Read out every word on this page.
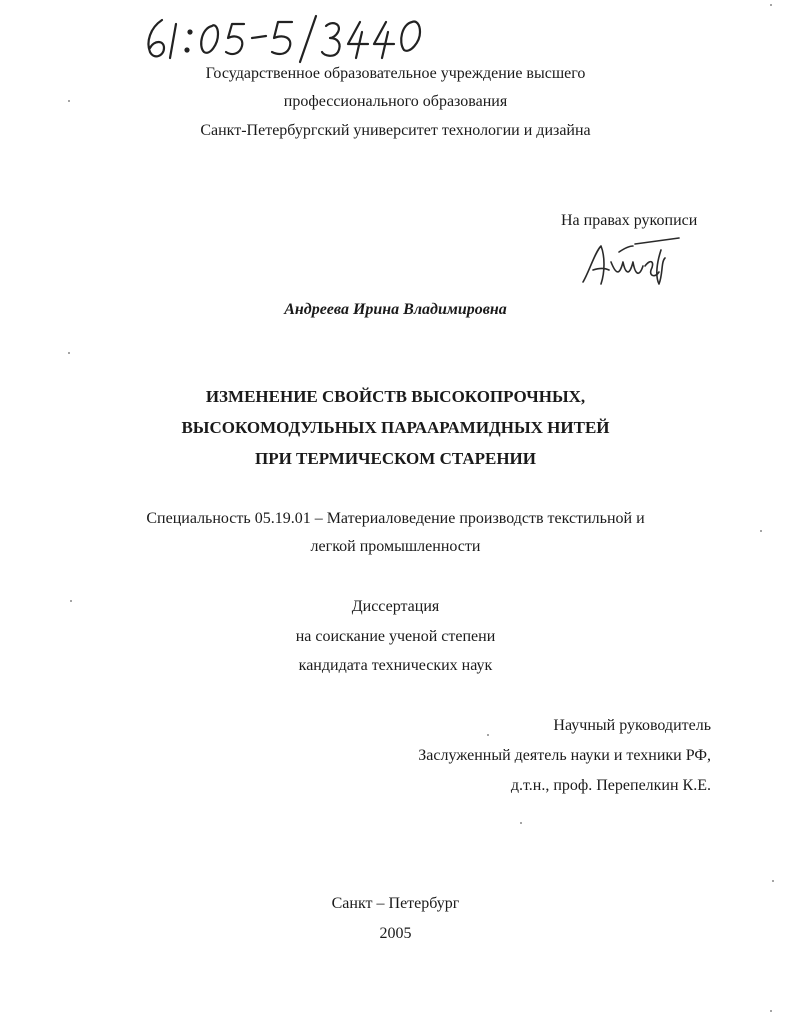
Государственное образовательное учреждение высшего
профессионального образования
Санкт-Петербургский университет технологии и дизайна
На правах рукописи
Андреева Ирина Владимировна
ИЗМЕНЕНИЕ СВОЙСТВ ВЫСОКОПРОЧНЫХ,
ВЫСОКОМОДУЛЬНЫХ ПАРААРАМИДНЫХ НИТЕЙ
ПРИ ТЕРМИЧЕСКОМ СТАРЕНИИ
Специальность 05.19.01 – Материаловедение производств текстильной и
легкой промышленности
Диссертация
на соискание ученой степени
кандидата технических наук
Научный руководитель
Заслуженный деятель науки и техники РФ,
д.т.н., проф. Перепелкин К.Е.
Санкт – Петербург
2005
